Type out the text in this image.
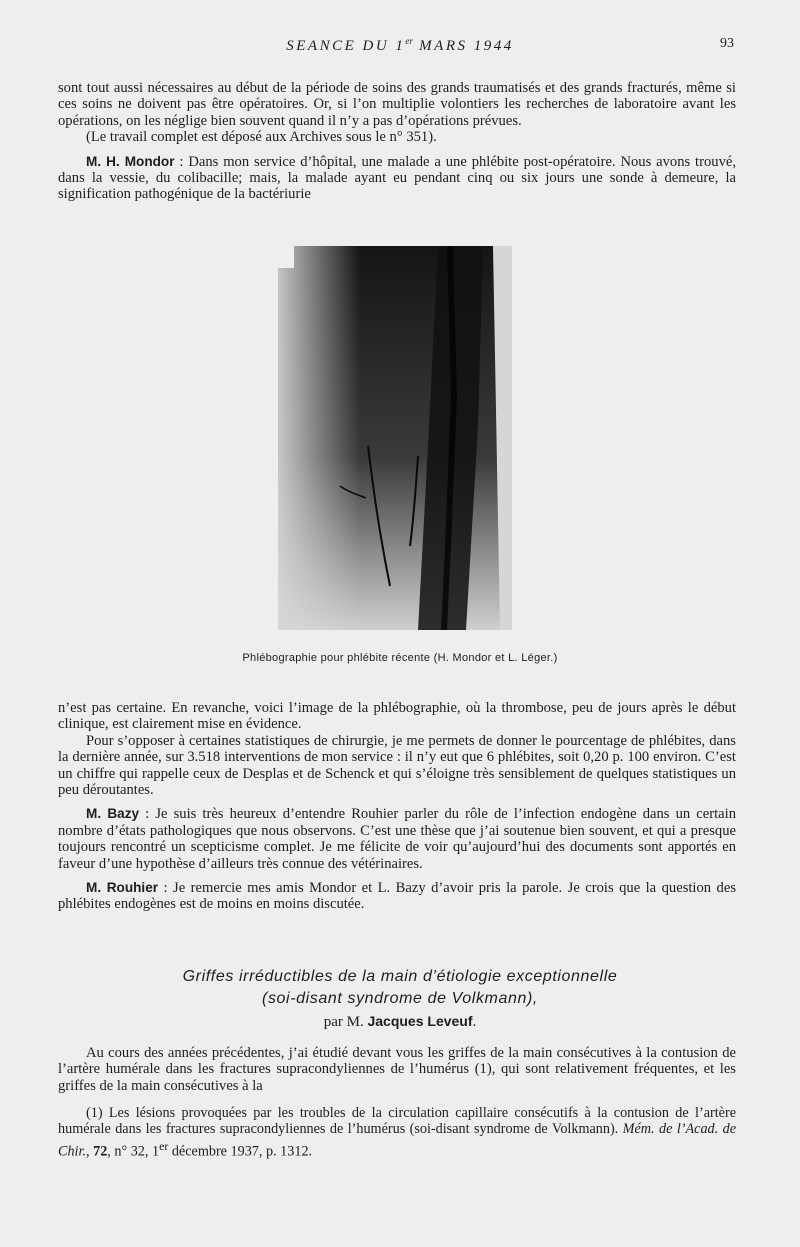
SEANCE DU 1er MARS 1944	93

sont tout aussi nécessaires au début de la période de soins des grands traumatisés et des grands fracturés, même si ces soins ne doivent pas être opératoires. Or, si l’on multiplie volontiers les recherches de laboratoire avant les opérations, on les néglige bien souvent quand il n’y a pas d’opérations prévues.

(Le travail complet est déposé aux Archives sous le n° 351).

M. H. Mondor : Dans mon service d’hôpital, une malade a une phlébite post-opératoire. Nous avons trouvé, dans la vessie, du colibacille; mais, la malade ayant eu pendant cinq ou six jours une sonde à demeure, la signification pathogénique de la bactériurie

Phlébographie pour phlébite récente (H. Mondor et L. Léger.)

n’est pas certaine. En revanche, voici l’image de la phlébographie, où la thrombose, peu de jours après le début clinique, est clairement mise en évidence.

Pour s’opposer à certaines statistiques de chirurgie, je me permets de donner le pourcentage de phlébites, dans la dernière année, sur 3.518 interventions de mon service : il n’y eut que 6 phlébites, soit 0,20 p. 100 environ. C’est un chiffre qui rappelle ceux de Desplas et de Schenck et qui s’éloigne très sensiblement de quelques statistiques un peu déroutantes.

M. Bazy : Je suis très heureux d’entendre Rouhier parler du rôle de l’infection endogène dans un certain nombre d’états pathologiques que nous observons. C’est une thèse que j’ai soutenue bien souvent, et qui a presque toujours rencontré un scepticisme complet. Je me félicite de voir qu’aujourd’hui des documents sont apportés en faveur d’une hypothèse d’ailleurs très connue des vétérinaires.

M. Rouhier : Je remercie mes amis Mondor et L. Bazy d’avoir pris la parole. Je crois que la question des phlébites endogènes est de moins en moins discutée.

Griffes irréductibles de la main d’étiologie exceptionnelle
(soi-disant syndrome de Volkmann),
par M. Jacques Leveuf.

Au cours des années précédentes, j’ai étudié devant vous les griffes de la main consécutives à la contusion de l’artère humérale dans les fractures supracondyliennes de l’humérus (1), qui sont relativement fréquentes, et les griffes de la main consécutives à la

(1) Les lésions provoquées par les troubles de la circulation capillaire consécutifs à la contusion de l’artère humérale dans les fractures supracondyliennes de l’humérus (soi-disant syndrome de Volkmann). Mém. de l’Acad. de Chir., 72, n° 32, 1er décembre 1937, p. 1312.
